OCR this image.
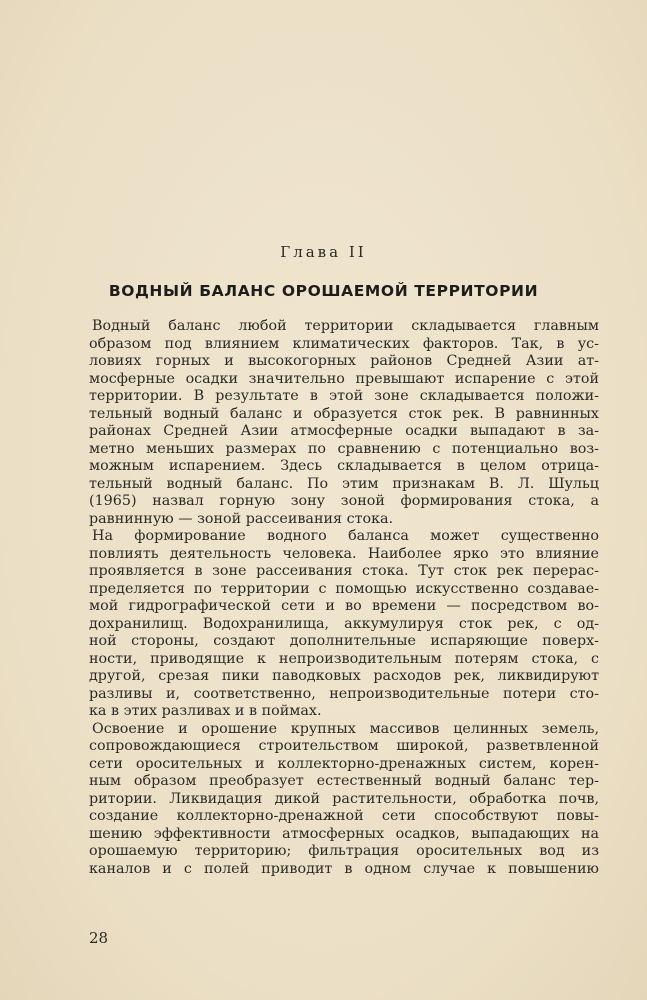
Глава II
ВОДНЫЙ БАЛАНС ОРОШАЕМОЙ ТЕРРИТОРИИ
Водный баланс любой территории складывается главным
образом под влиянием климатических факторов. Так, в ус-
ловиях горных и высокогорных районов Средней Азии ат-
мосферные осадки значительно превышают испарение с этой
территории. В результате в этой зоне складывается положи-
тельный водный баланс и образуется сток рек. В равнинных
районах Средней Азии атмосферные осадки выпадают в за-
метно меньших размерах по сравнению с потенциально воз-
можным испарением. Здесь складывается в целом отрица-
тельный водный баланс. По этим признакам В. Л. Шульц
(1965) назвал горную зону зоной формирования стока, а
равнинную — зоной рассеивания стока.
На формирование водного баланса может существенно
повлиять деятельность человека. Наиболее ярко это влияние
проявляется в зоне рассеивания стока. Тут сток рек перерас-
пределяется по территории с помощью искусственно создавае-
мой гидрографической сети и во времени — посредством во-
дохранилищ. Водохранилища, аккумулируя сток рек, с од-
ной стороны, создают дополнительные испаряющие поверх-
ности, приводящие к непроизводительным потерям стока, с
другой, срезая пики паводковых расходов рек, ликвидируют
разливы и, соответственно, непроизводительные потери сто-
ка в этих разливах и в поймах.
Освоение и орошение крупных массивов целинных земель,
сопровождающиеся строительством широкой, разветвленной
сети оросительных и коллекторно-дренажных систем, корен-
ным образом преобразует естественный водный баланс тер-
ритории. Ликвидация дикой растительности, обработка почв,
создание коллекторно-дренажной сети способствуют повы-
шению эффективности атмосферных осадков, выпадающих на
орошаемую территорию; фильтрация оросительных вод из
каналов и с полей приводит в одном случае к повышению
28
